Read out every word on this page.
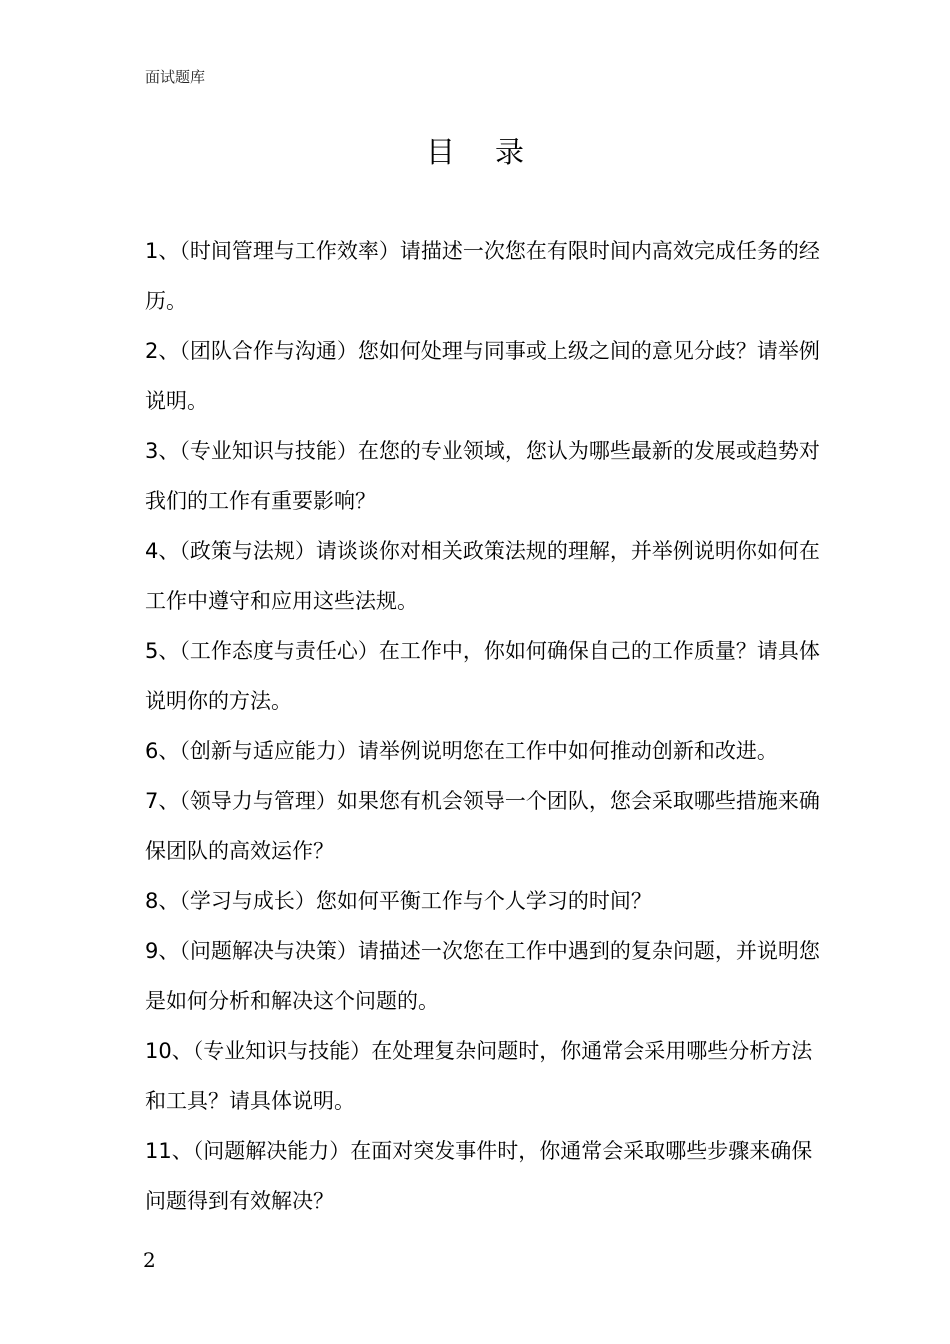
面试题库
目录
1、（时间管理与工作效率）请描述一次您在有限时间内高效完成任务的经历。
2、（团队合作与沟通）您如何处理与同事或上级之间的意见分歧？请举例说明。
3、（专业知识与技能）在您的专业领域，您认为哪些最新的发展或趋势对我们的工作有重要影响？
4、（政策与法规）请谈谈你对相关政策法规的理解，并举例说明你如何在工作中遵守和应用这些法规。
5、（工作态度与责任心）在工作中，你如何确保自己的工作质量？请具体说明你的方法。
6、（创新与适应能力）请举例说明您在工作中如何推动创新和改进。
7、（领导力与管理）如果您有机会领导一个团队，您会采取哪些措施来确保团队的高效运作？
8、（学习与成长）您如何平衡工作与个人学习的时间？
9、（问题解决与决策）请描述一次您在工作中遇到的复杂问题，并说明您是如何分析和解决这个问题的。
10、（专业知识与技能）在处理复杂问题时，你通常会采用哪些分析方法和工具？请具体说明。
11、（问题解决能力）在面对突发事件时，你通常会采取哪些步骤来确保问题得到有效解决？
2
